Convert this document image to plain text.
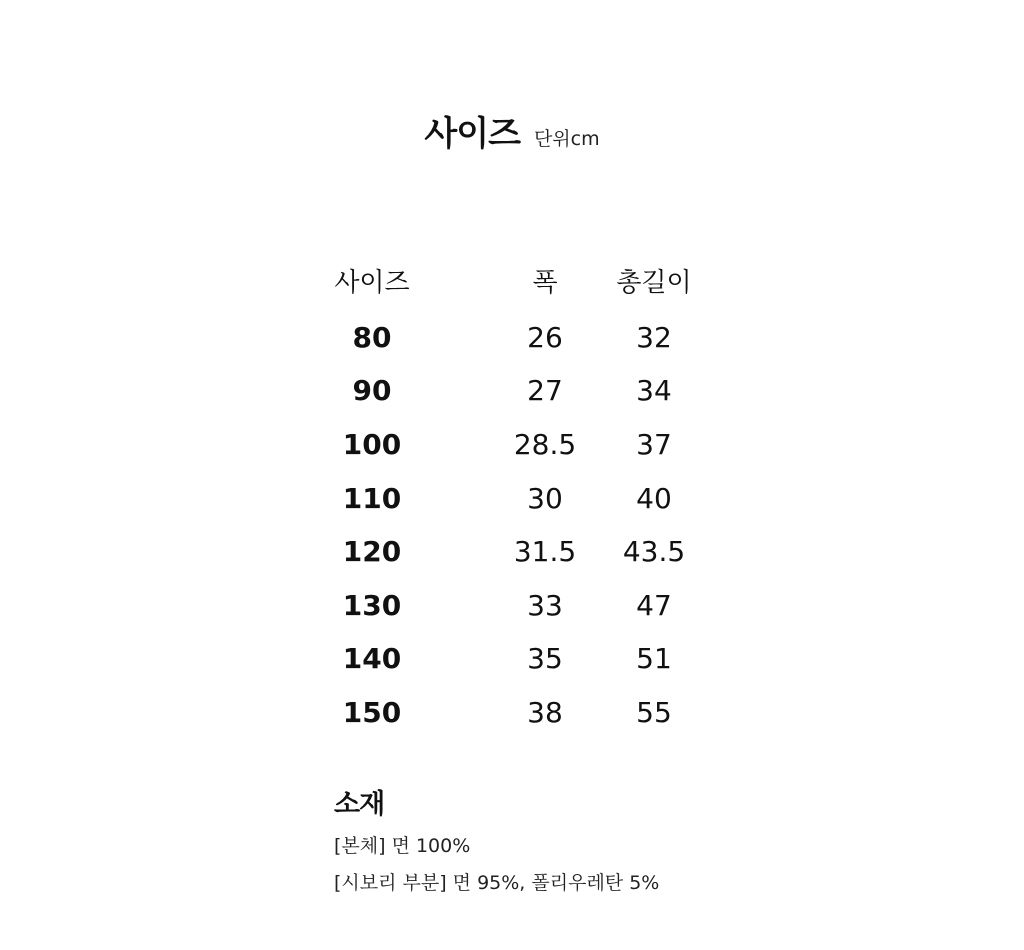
사이즈 단위cm
사이즈	폭 총길이
80	26	32
90	27	34
100	28.5 37
110	30	40
120	31.5 43.5
130	33	47
140	35	51
150	38	55
소재
[본체] 면 100%
[시보리 부분] 면 95%, 폴리우레탄 5%
